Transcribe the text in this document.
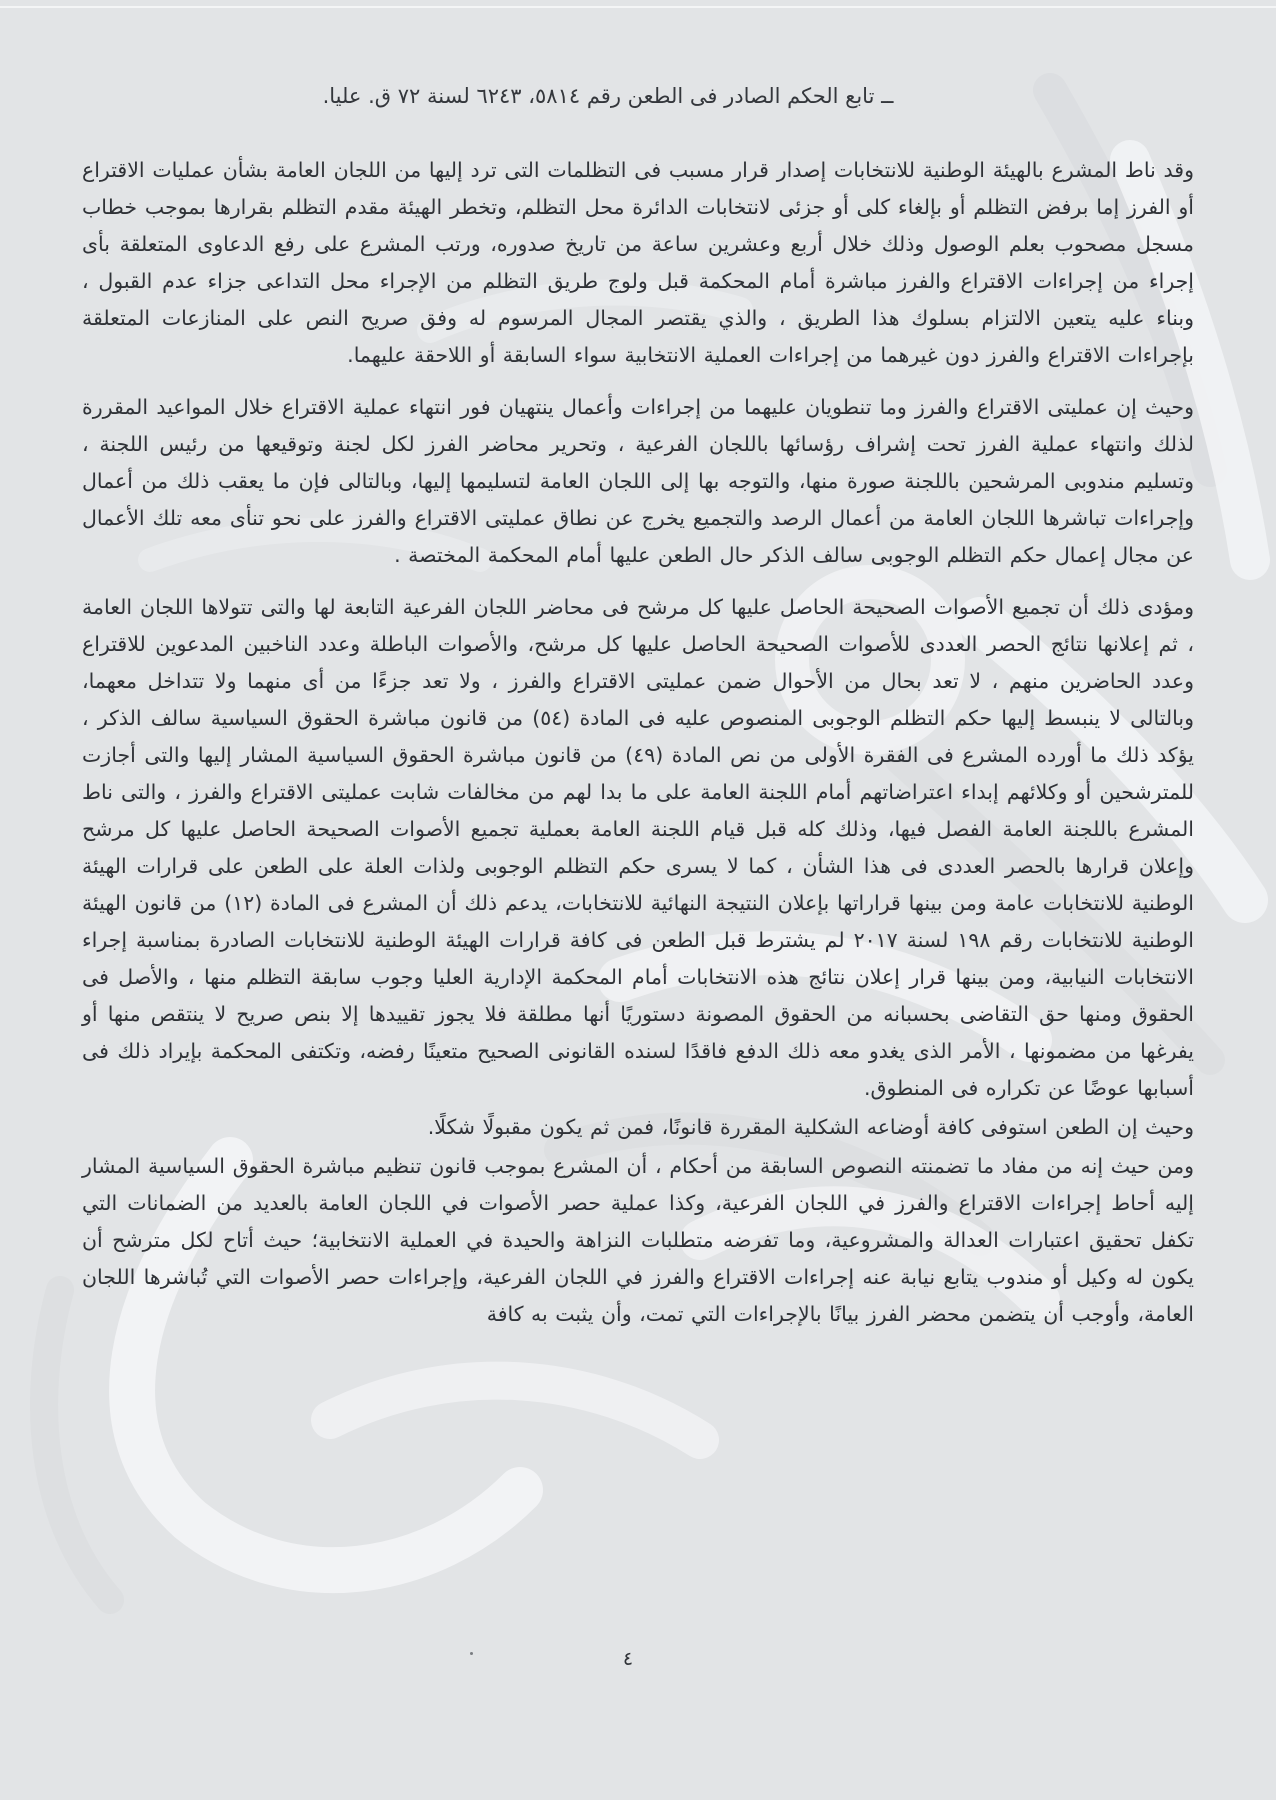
ــ تابع الحكم الصادر فى الطعن رقم ٥٨١٤، ٦٢٤٣ لسنة ٧٢ ق. عليا.

وقد ناط المشرع بالهيئة الوطنية للانتخابات إصدار قرار مسبب فى التظلمات التى ترد إليها من اللجان العامة بشأن عمليات الاقتراع أو الفرز إما برفض التظلم أو بإلغاء كلى أو جزئى لانتخابات الدائرة محل التظلم، وتخطر الهيئة مقدم التظلم بقرارها بموجب خطاب مسجل مصحوب بعلم الوصول وذلك خلال أربع وعشرين ساعة من تاريخ صدوره، ورتب المشرع على رفع الدعاوى المتعلقة بأى إجراء من إجراءات الاقتراع والفرز مباشرة أمام المحكمة قبل ولوج طريق التظلم من الإجراء محل التداعى جزاء عدم القبول ، وبناء عليه يتعين الالتزام بسلوك هذا الطريق ، والذي يقتصر المجال المرسوم له وفق صريح النص على المنازعات المتعلقة بإجراءات الاقتراع والفرز دون غيرهما من إجراءات العملية الانتخابية سواء السابقة أو اللاحقة عليهما.

وحيث إن عمليتى الاقتراع والفرز وما تنطويان عليهما من إجراءات وأعمال ينتهيان فور انتهاء عملية الاقتراع خلال المواعيد المقررة لذلك وانتهاء عملية الفرز تحت إشراف رؤسائها باللجان الفرعية ، وتحرير محاضر الفرز لكل لجنة وتوقيعها من رئيس اللجنة ، وتسليم مندوبى المرشحين باللجنة صورة منها، والتوجه بها إلى اللجان العامة لتسليمها إليها، وبالتالى فإن ما يعقب ذلك من أعمال وإجراءات تباشرها اللجان العامة من أعمال الرصد والتجميع يخرج عن نطاق عمليتى الاقتراع والفرز على نحو تنأى معه تلك الأعمال عن مجال إعمال حكم التظلم الوجوبى سالف الذكر حال الطعن عليها أمام المحكمة المختصة .

ومؤدى ذلك أن تجميع الأصوات الصحيحة الحاصل عليها كل مرشح فى محاضر اللجان الفرعية التابعة لها والتى تتولاها اللجان العامة ، ثم إعلانها نتائج الحصر العددى للأصوات الصحيحة الحاصل عليها كل مرشح، والأصوات الباطلة وعدد الناخبين المدعوين للاقتراع وعدد الحاضرين منهم ، لا تعد بحال من الأحوال ضمن عمليتى الاقتراع والفرز ، ولا تعد جزءًا من أى منهما ولا تتداخل معهما، وبالتالى لا ينبسط إليها حكم التظلم الوجوبى المنصوص عليه فى المادة (٥٤) من قانون مباشرة الحقوق السياسية سالف الذكر ، يؤكد ذلك ما أورده المشرع فى الفقرة الأولى من نص المادة (٤٩) من قانون مباشرة الحقوق السياسية المشار إليها والتى أجازت للمترشحين أو وكلائهم إبداء اعتراضاتهم أمام اللجنة العامة على ما بدا لهم من مخالفات شابت عمليتى الاقتراع والفرز ، والتى ناط المشرع باللجنة العامة الفصل فيها، وذلك كله قبل قيام اللجنة العامة بعملية تجميع الأصوات الصحيحة الحاصل عليها كل مرشح وإعلان قرارها بالحصر العددى فى هذا الشأن ، كما لا يسرى حكم التظلم الوجوبى ولذات العلة على الطعن على قرارات الهيئة الوطنية للانتخابات عامة ومن بينها قراراتها بإعلان النتيجة النهائية للانتخابات، يدعم ذلك أن المشرع فى المادة (١٢) من قانون الهيئة الوطنية للانتخابات رقم ١٩٨ لسنة ٢٠١٧ لم يشترط قبل الطعن فى كافة قرارات الهيئة الوطنية للانتخابات الصادرة بمناسبة إجراء الانتخابات النيابية، ومن بينها قرار إعلان نتائج هذه الانتخابات أمام المحكمة الإدارية العليا وجوب سابقة التظلم منها ، والأصل فى الحقوق ومنها حق التقاضى بحسبانه من الحقوق المصونة دستوريًا أنها مطلقة فلا يجوز تقييدها إلا بنص صريح لا ينتقص منها أو يفرغها من مضمونها ، الأمر الذى يغدو معه ذلك الدفع فاقدًا لسنده القانونى الصحيح متعينًا رفضه، وتكتفى المحكمة بإيراد ذلك فى أسبابها عوضًا عن تكراره فى المنطوق.

وحيث إن الطعن استوفى كافة أوضاعه الشكلية المقررة قانونًا، فمن ثم يكون مقبولًا شكلًا.

ومن حيث إنه من مفاد ما تضمنته النصوص السابقة من أحكام ، أن المشرع بموجب قانون تنظيم مباشرة الحقوق السياسية المشار إليه أحاط إجراءات الاقتراع والفرز في اللجان الفرعية، وكذا عملية حصر الأصوات في اللجان العامة بالعديد من الضمانات التي تكفل تحقيق اعتبارات العدالة والمشروعية، وما تفرضه متطلبات النزاهة والحيدة في العملية الانتخابية؛ حيث أتاح لكل مترشح أن يكون له وكيل أو مندوب يتابع نيابة عنه إجراءات الاقتراع والفرز في اللجان الفرعية، وإجراءات حصر الأصوات التي تُباشرها اللجان العامة، وأوجب أن يتضمن محضر الفرز بيانًا بالإجراءات التي تمت، وأن يثبت به كافة

٤
